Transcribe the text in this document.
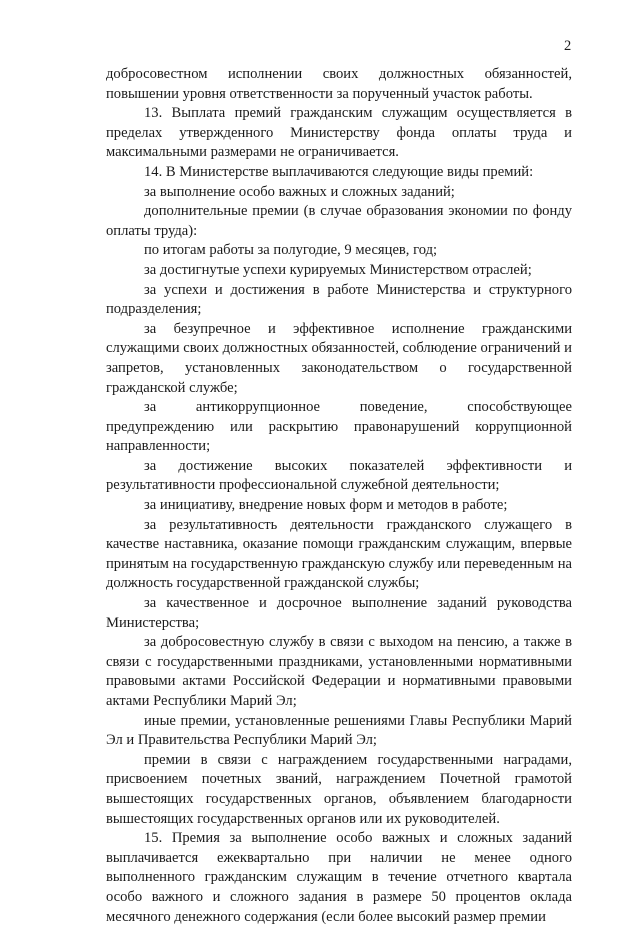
2

добросовестном исполнении своих должностных обязанностей, повышении уровня ответственности за порученный участок работы.

13. Выплата премий гражданским служащим осуществляется в пределах утвержденного Министерству фонда оплаты труда и максимальными размерами не ограничивается.

14. В Министерстве выплачиваются следующие виды премий:

за выполнение особо важных и сложных заданий;

дополнительные премии (в случае образования экономии по фонду оплаты труда):

по итогам работы за полугодие, 9 месяцев, год;

за достигнутые успехи курируемых Министерством отраслей;

за успехи и достижения в работе Министерства и структурного подразделения;

за безупречное и эффективное исполнение гражданскими служащими своих должностных обязанностей, соблюдение ограничений и запретов, установленных законодательством о государственной гражданской службе;

за антикоррупционное поведение, способствующее предупреждению или раскрытию правонарушений коррупционной направленности;

за достижение высоких показателей эффективности и результативности профессиональной служебной деятельности;

за инициативу, внедрение новых форм и методов в работе;

за результативность деятельности гражданского служащего в качестве наставника, оказание помощи гражданским служащим, впервые принятым на государственную гражданскую службу или переведенным на должность государственной гражданской службы;

за качественное и досрочное выполнение заданий руководства Министерства;

за добросовестную службу в связи с выходом на пенсию, а также в связи с государственными праздниками, установленными нормативными правовыми актами Российской Федерации и нормативными правовыми актами Республики Марий Эл;

иные премии, установленные решениями Главы Республики Марий Эл и Правительства Республики Марий Эл;

премии в связи с награждением государственными наградами, присвоением почетных званий, награждением Почетной грамотой вышестоящих государственных органов, объявлением благодарности вышестоящих государственных органов или их руководителей.

15. Премия за выполнение особо важных и сложных заданий выплачивается ежеквартально при наличии не менее одного выполненного гражданским служащим в течение отчетного квартала особо важного и сложного задания в размере 50 процентов оклада месячного денежного содержания (если более высокий размер премии
